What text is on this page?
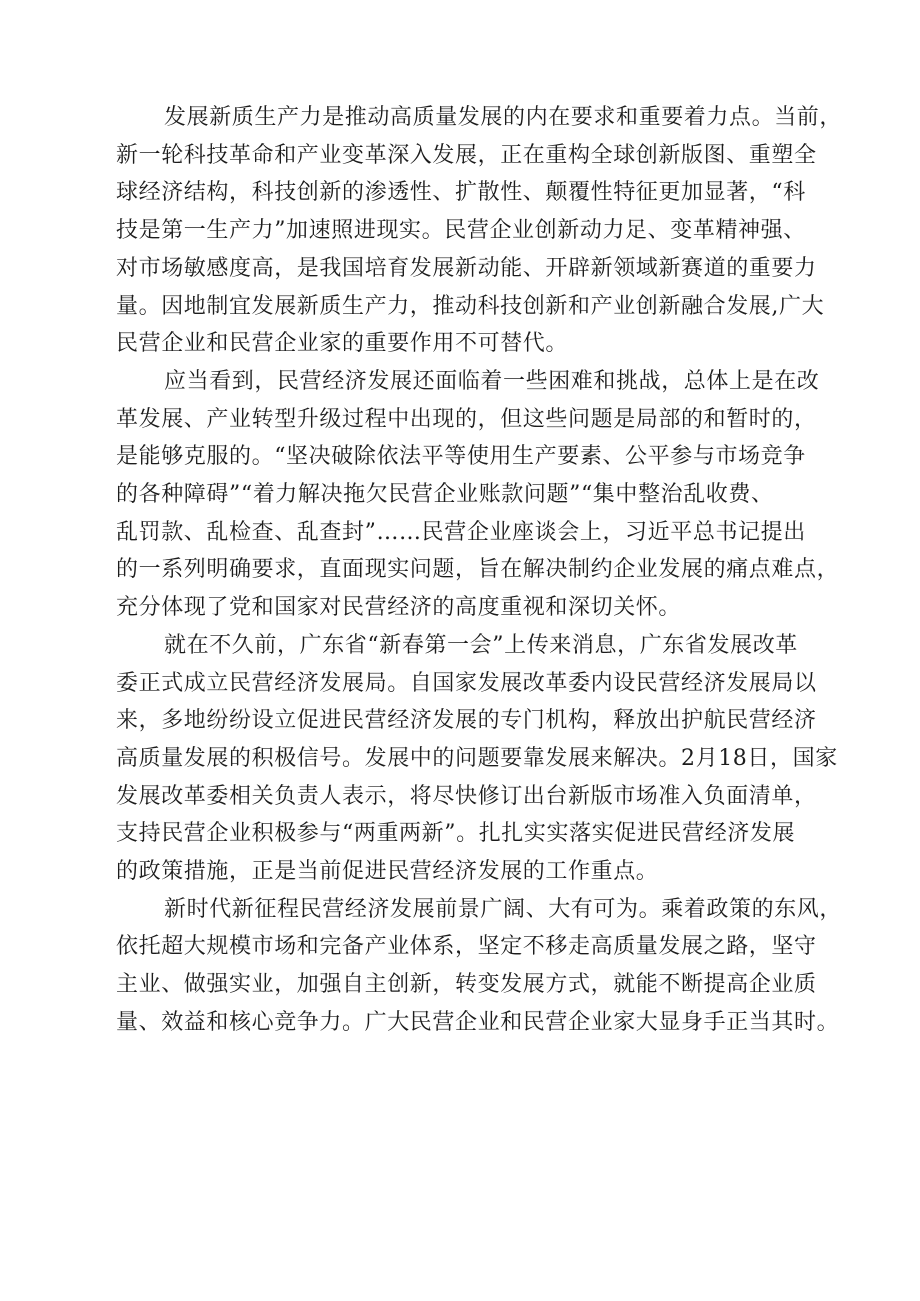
发展新质生产力是推动高质量发展的内在要求和重要着力点。当前，
新一轮科技革命和产业变革深入发展，正在重构全球创新版图、重塑全
球经济结构，科技创新的渗透性、扩散性、颠覆性特征更加显著，“科
技是第一生产力”加速照进现实。民营企业创新动力足、变革精神强、
对市场敏感度高，是我国培育发展新动能、开辟新领域新赛道的重要力
量。因地制宜发展新质生产力，推动科技创新和产业创新融合发展,广大
民营企业和民营企业家的重要作用不可替代。

应当看到，民营经济发展还面临着一些困难和挑战，总体上是在改
革发展、产业转型升级过程中出现的，但这些问题是局部的和暂时的，
是能够克服的。“坚决破除依法平等使用生产要素、公平参与市场竞争
的各种障碍”“着力解决拖欠民营企业账款问题”“集中整治乱收费、
乱罚款、乱检查、乱查封”……民营企业座谈会上，习近平总书记提出
的一系列明确要求，直面现实问题，旨在解决制约企业发展的痛点难点，
充分体现了党和国家对民营经济的高度重视和深切关怀。

就在不久前，广东省“新春第一会”上传来消息，广东省发展改革
委正式成立民营经济发展局。自国家发展改革委内设民营经济发展局以
来，多地纷纷设立促进民营经济发展的专门机构，释放出护航民营经济
高质量发展的积极信号。发展中的问题要靠发展来解决。2月18日，国家
发展改革委相关负责人表示，将尽快修订出台新版市场准入负面清单，
支持民营企业积极参与“两重两新”。扎扎实实落实促进民营经济发展
的政策措施，正是当前促进民营经济发展的工作重点。

新时代新征程民营经济发展前景广阔、大有可为。乘着政策的东风，
依托超大规模市场和完备产业体系，坚定不移走高质量发展之路，坚守
主业、做强实业，加强自主创新，转变发展方式，就能不断提高企业质
量、效益和核心竞争力。广大民营企业和民营企业家大显身手正当其时。
